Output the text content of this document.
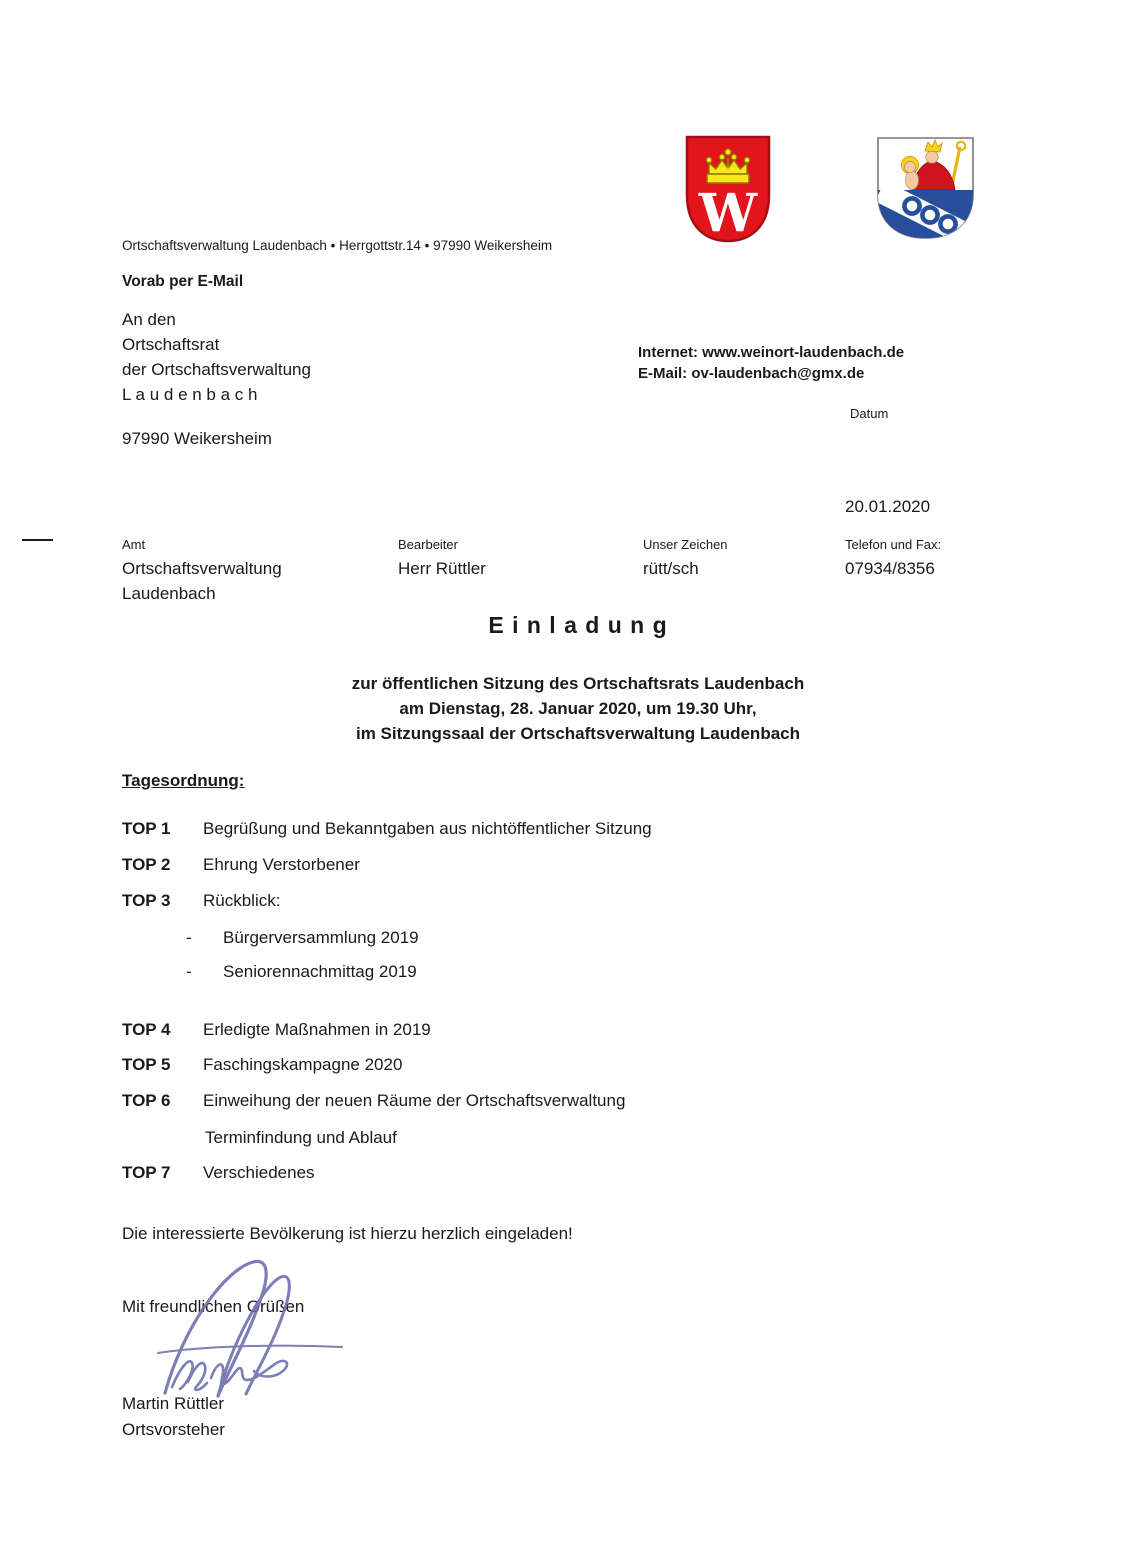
W
Ortschaftsverwaltung Laudenbach • Herrgottstr.14 • 97990 Weikersheim
Vorab per E-Mail
An den
Ortschaftsrat
der Ortschaftsverwaltung
L a u d e n b a c h
97990 Weikersheim
Internet: www.weinort-laudenbach.de
E-Mail: ov-laudenbach@gmx.de
Datum
20.01.2020
Amt
Ortschaftsverwaltung
Laudenbach
Bearbeiter
Herr Rüttler
Unser Zeichen
rütt/sch
Telefon und Fax:
07934/8356
E i n l a d u n g
zur öffentlichen Sitzung des Ortschaftsrats Laudenbach
am Dienstag, 28. Januar 2020, um 19.30 Uhr,
im Sitzungssaal der Ortschaftsverwaltung Laudenbach
Tagesordnung:
TOP 1	Begrüßung und Bekanntgaben aus nichtöffentlicher Sitzung
TOP 2	Ehrung Verstorbener
TOP 3	Rückblick:
- Bürgerversammlung 2019
- Seniorennachmittag 2019
TOP 4	Erledigte Maßnahmen in 2019
TOP 5	Faschingskampagne 2020
TOP 6	Einweihung der neuen Räume der Ortschaftsverwaltung
Terminfindung und Ablauf
TOP 7	Verschiedenes
Die interessierte Bevölkerung ist hierzu herzlich eingeladen!
Mit freundlichen Grüßen
Martin Rüttler
Ortsvorsteher
